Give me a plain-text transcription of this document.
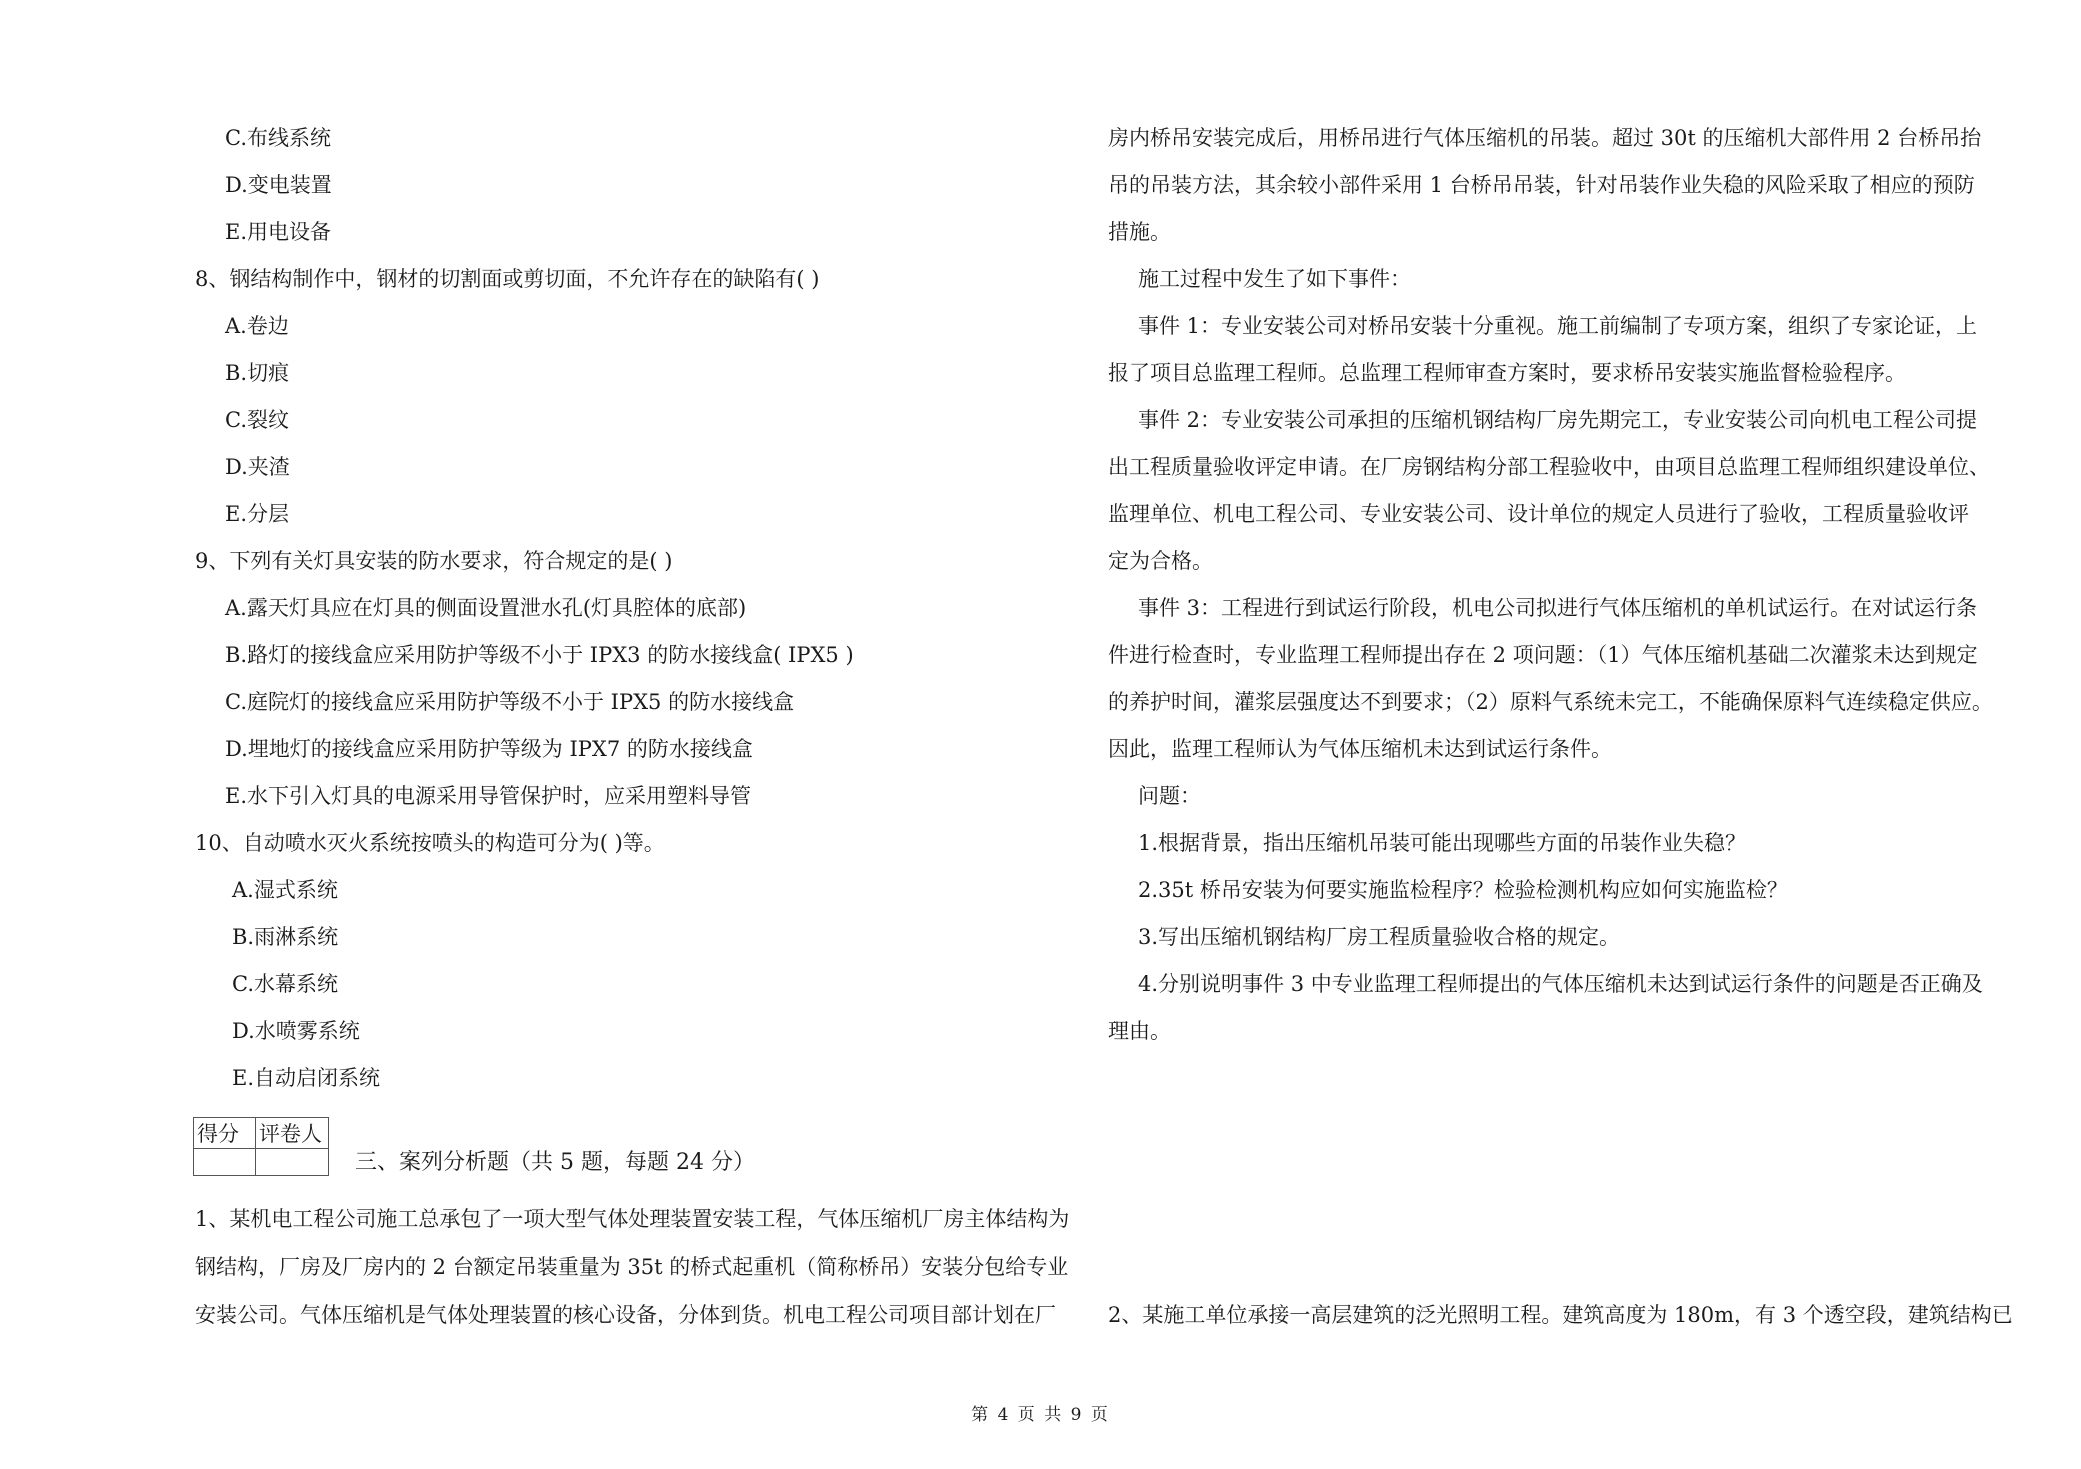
C.布线系统
D.变电装置
E.用电设备
8、钢结构制作中，钢材的切割面或剪切面，不允许存在的缺陷有( )
A.卷边
B.切痕
C.裂纹
D.夹渣
E.分层
9、下列有关灯具安装的防水要求，符合规定的是( )
A.露天灯具应在灯具的侧面设置泄水孔(灯具腔体的底部)
B.路灯的接线盒应采用防护等级不小于 IPX3 的防水接线盒( IPX5 )
C.庭院灯的接线盒应采用防护等级不小于 IPX5 的防水接线盒
D.埋地灯的接线盒应采用防护等级为 IPX7 的防水接线盒
E.水下引入灯具的电源采用导管保护时，应采用塑料导管
10、自动喷水灭火系统按喷头的构造可分为( )等。
A.湿式系统
B.雨淋系统
C.水幕系统
D.水喷雾系统
E.自动启闭系统
得分	评卷人

三、案列分析题（共 5 题，每题 24 分）
1、某机电工程公司施工总承包了一项大型气体处理装置安装工程，气体压缩机厂房主体结构为
钢结构，厂房及厂房内的 2 台额定吊装重量为 35t 的桥式起重机（简称桥吊）安装分包给专业
安装公司。气体压缩机是气体处理装置的核心设备，分体到货。机电工程公司项目部计划在厂
房内桥吊安装完成后，用桥吊进行气体压缩机的吊装。超过 30t 的压缩机大部件用 2 台桥吊抬
吊的吊装方法，其余较小部件采用 1 台桥吊吊装，针对吊装作业失稳的风险采取了相应的预防
措施。
施工过程中发生了如下事件：
事件 1：专业安装公司对桥吊安装十分重视。施工前编制了专项方案，组织了专家论证，上
报了项目总监理工程师。总监理工程师审查方案时，要求桥吊安装实施监督检验程序。
事件 2：专业安装公司承担的压缩机钢结构厂房先期完工，专业安装公司向机电工程公司提
出工程质量验收评定申请。在厂房钢结构分部工程验收中，由项目总监理工程师组织建设单位、
监理单位、机电工程公司、专业安装公司、设计单位的规定人员进行了验收，工程质量验收评
定为合格。
事件 3：工程进行到试运行阶段，机电公司拟进行气体压缩机的单机试运行。在对试运行条
件进行检查时，专业监理工程师提出存在 2 项问题：（1）气体压缩机基础二次灌浆未达到规定
的养护时间，灌浆层强度达不到要求；（2）原料气系统未完工，不能确保原料气连续稳定供应。
因此，监理工程师认为气体压缩机未达到试运行条件。
问题：
1.根据背景，指出压缩机吊装可能出现哪些方面的吊装作业失稳？
2.35t 桥吊安装为何要实施监检程序？检验检测机构应如何实施监检？
3.写出压缩机钢结构厂房工程质量验收合格的规定。
4.分别说明事件 3 中专业监理工程师提出的气体压缩机未达到试运行条件的问题是否正确及
理由。
2、某施工单位承接一高层建筑的泛光照明工程。建筑高度为 180m，有 3 个透空段，建筑结构已
第 4 页 共 9 页
